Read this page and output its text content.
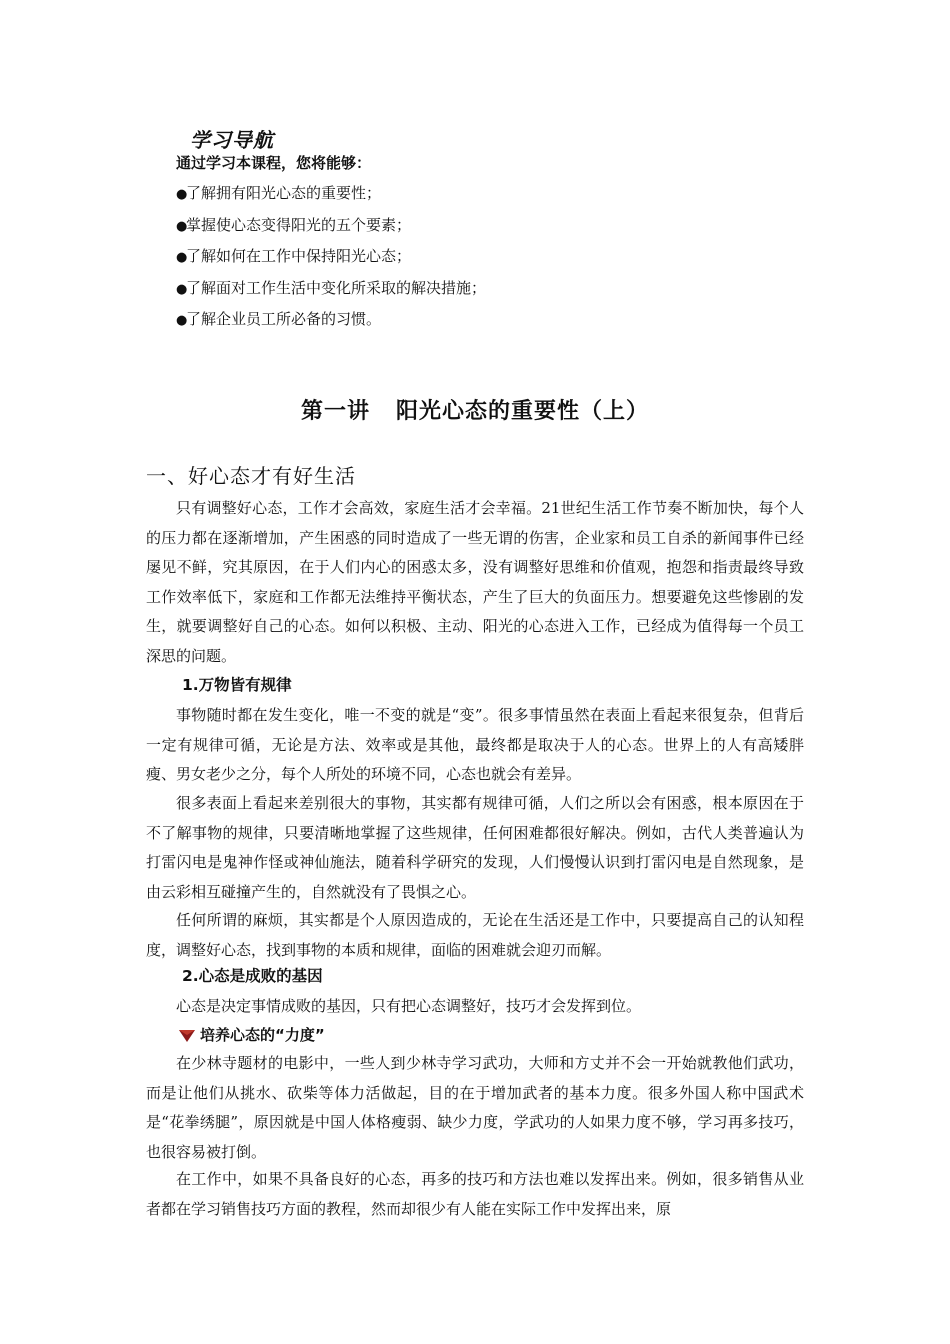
学习导航
通过学习本课程，您将能够：
●了解拥有阳光心态的重要性；
●掌握使心态变得阳光的五个要素；
●了解如何在工作中保持阳光心态；
●了解面对工作生活中变化所采取的解决措施；
●了解企业员工所必备的习惯。
第一讲   阳光心态的重要性（上）
一、好心态才有好生活

只有调整好心态，工作才会高效，家庭生活才会幸福。21世纪生活工作节奏不断加快，每个人的压力都在逐渐增加，产生困惑的同时造成了一些无谓的伤害，企业家和员工自杀的新闻事件已经屡见不鲜，究其原因，在于人们内心的困惑太多，没有调整好思维和价值观，抱怨和指责最终导致工作效率低下，家庭和工作都无法维持平衡状态，产生了巨大的负面压力。想要避免这些惨剧的发生，就要调整好自己的心态。如何以积极、主动、阳光的心态进入工作，已经成为值得每一个员工深思的问题。

1.万物皆有规律

事物随时都在发生变化，唯一不变的就是“变”。很多事情虽然在表面上看起来很复杂，但背后一定有规律可循，无论是方法、效率或是其他，最终都是取决于人的心态。世界上的人有高矮胖瘦、男女老少之分，每个人所处的环境不同，心态也就会有差异。

很多表面上看起来差别很大的事物，其实都有规律可循，人们之所以会有困惑，根本原因在于不了解事物的规律，只要清晰地掌握了这些规律，任何困难都很好解决。例如，古代人类普遍认为打雷闪电是鬼神作怪或神仙施法，随着科学研究的发现，人们慢慢认识到打雷闪电是自然现象，是由云彩相互碰撞产生的，自然就没有了畏惧之心。

任何所谓的麻烦，其实都是个人原因造成的，无论在生活还是工作中，只要提高自己的认知程度，调整好心态，找到事物的本质和规律，面临的困难就会迎刃而解。

2.心态是成败的基因

心态是决定事情成败的基因，只有把心态调整好，技巧才会发挥到位。

培养心态的“力度”

在少林寺题材的电影中，一些人到少林寺学习武功，大师和方丈并不会一开始就教他们武功，而是让他们从挑水、砍柴等体力活做起，目的在于增加武者的基本力度。很多外国人称中国武术是“花拳绣腿”，原因就是中国人体格瘦弱、缺少力度，学武功的人如果力度不够，学习再多技巧，也很容易被打倒。

在工作中，如果不具备良好的心态，再多的技巧和方法也难以发挥出来。例如，很多销售从业者都在学习销售技巧方面的教程，然而却很少有人能在实际工作中发挥出来，原
